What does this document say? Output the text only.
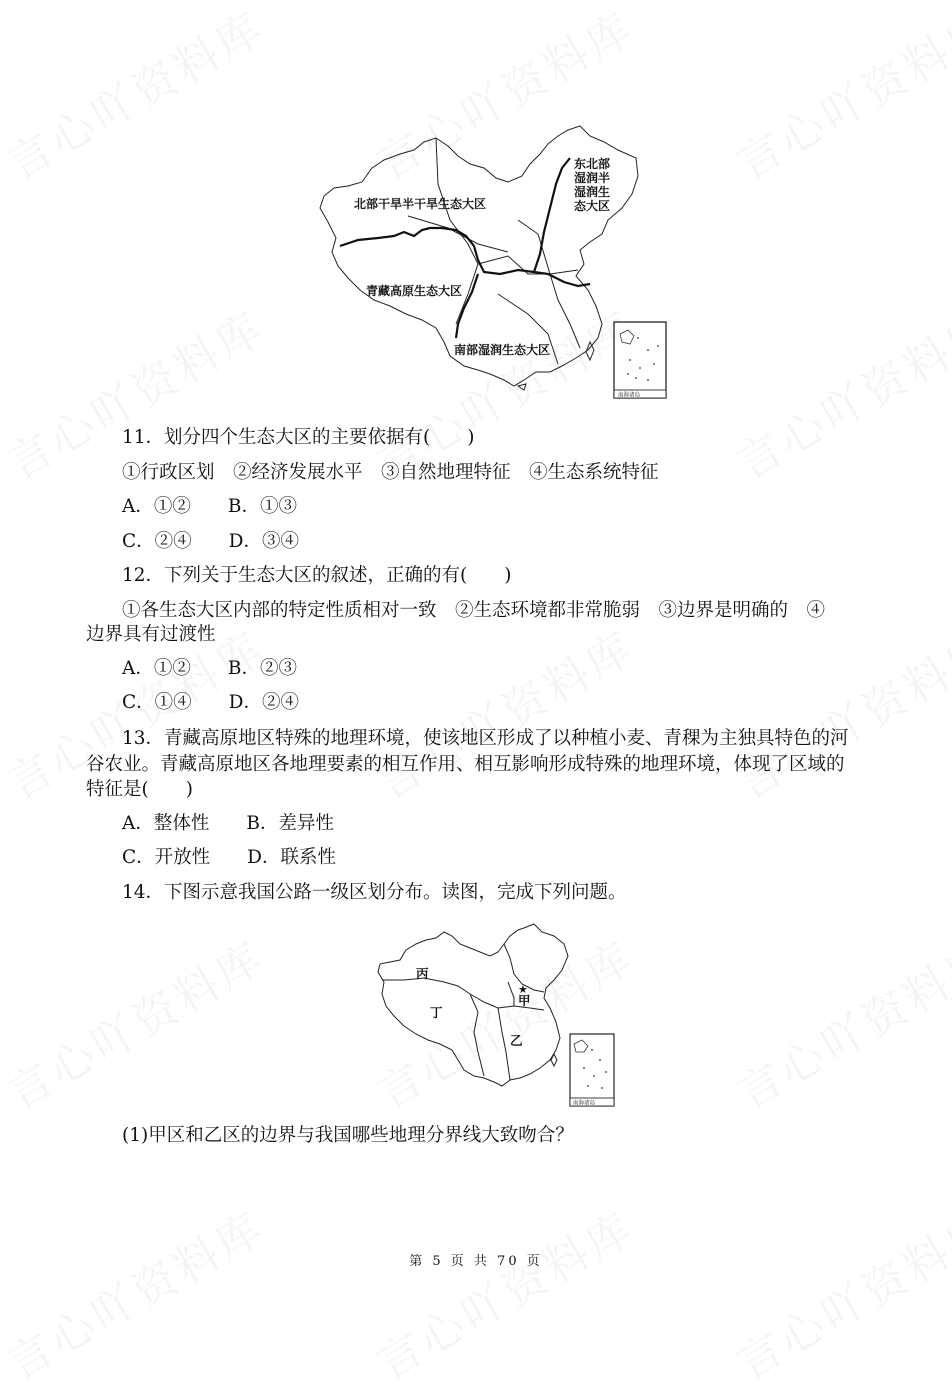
北部干旱半干旱生态大区
东北部
湿润半
湿润生
态大区
青藏高原生态大区
南部湿润生态大区
南海诸岛
11．划分四个生态大区的主要依据有(　　)
①行政区划　②经济发展水平　③自然地理特征　④生态系统特征
A．①②　　B．①③
C．②④　　D．③④
12．下列关于生态大区的叙述，正确的有(　　)
①各生态大区内部的特定性质相对一致　②生态环境都非常脆弱　③边界是明确的　④
边界具有过渡性
A．①②　　B．②③
C．①④　　D．②④
13．青藏高原地区特殊的地理环境，使该地区形成了以种植小麦、青稞为主独具特色的河
谷农业。青藏高原地区各地理要素的相互作用、相互影响形成特殊的地理环境，体现了区域的
特征是(　　)
A．整体性　　B．差异性
C．开放性　　D．联系性
14．下图示意我国公路一级区划分布。读图，完成下列问题。
丙
丁
甲
乙
★
南海诸岛
(1)甲区和乙区的边界与我国哪些地理分界线大致吻合？
第 5 页 共 70 页
